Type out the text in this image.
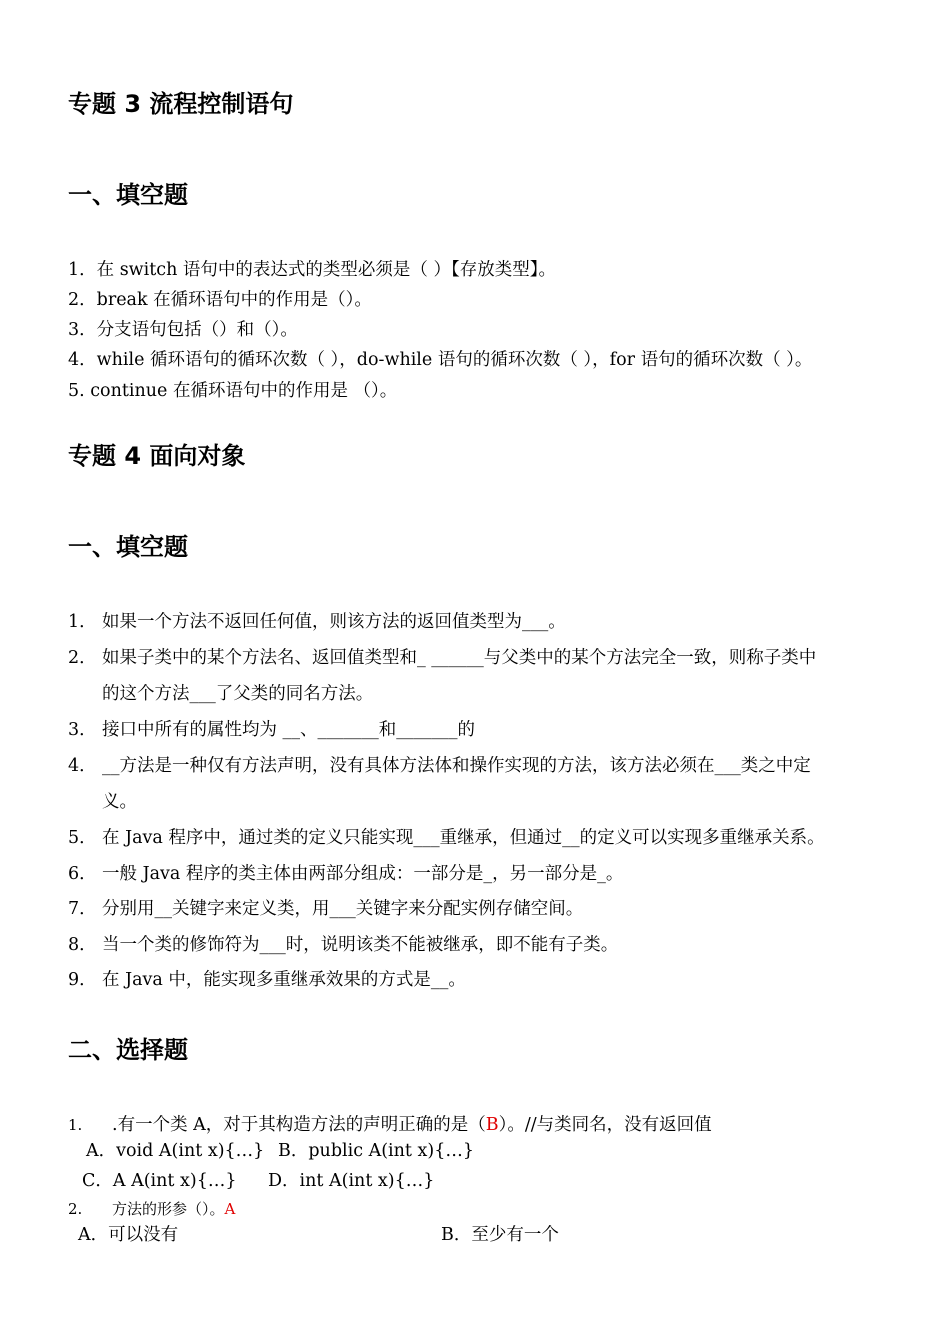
专题 3 流程控制语句
一、填空题
1．在 switch 语句中的表达式的类型必须是（ ）【存放类型】。
2．break 在循环语句中的作用是（）。
3．分支语句包括（）和（）。
4．while 循环语句的循环次数（ ），do-while 语句的循环次数（ ），for 语句的循环次数（ ）。
5. continue 在循环语句中的作用是 （）。
专题 4 面向对象
一、填空题
1． 如果一个方法不返回任何值，则该方法的返回值类型为___。
2． 如果子类中的某个方法名、返回值类型和_ ______与父类中的某个方法完全一致，则称子类中
的这个方法___了父类的同名方法。
3． 接口中所有的属性均为 __、_______和_______的
4． __方法是一种仅有方法声明，没有具体方法体和操作实现的方法，该方法必须在___类之中定
义。
5． 在 Java 程序中，通过类的定义只能实现___重继承，但通过__的定义可以实现多重继承关系。
6． 一般 Java 程序的类主体由两部分组成：一部分是_，另一部分是_。
7． 分别用__关键字来定义类，用___关键字来分配实例存储空间。
8． 当一个类的修饰符为___时，说明该类不能被继承，即不能有子类。
9． 在 Java 中，能实现多重继承效果的方式是__。
二、选择题
1. .有一个类 A，对于其构造方法的声明正确的是（B）。//与类同名，没有返回值
A．void A(int x){…} B．public A(int x){…}
C．A A(int x){…} D．int A(int x){…}
2. 方法的形参（）。A
A．可以没有	B．至少有一个
